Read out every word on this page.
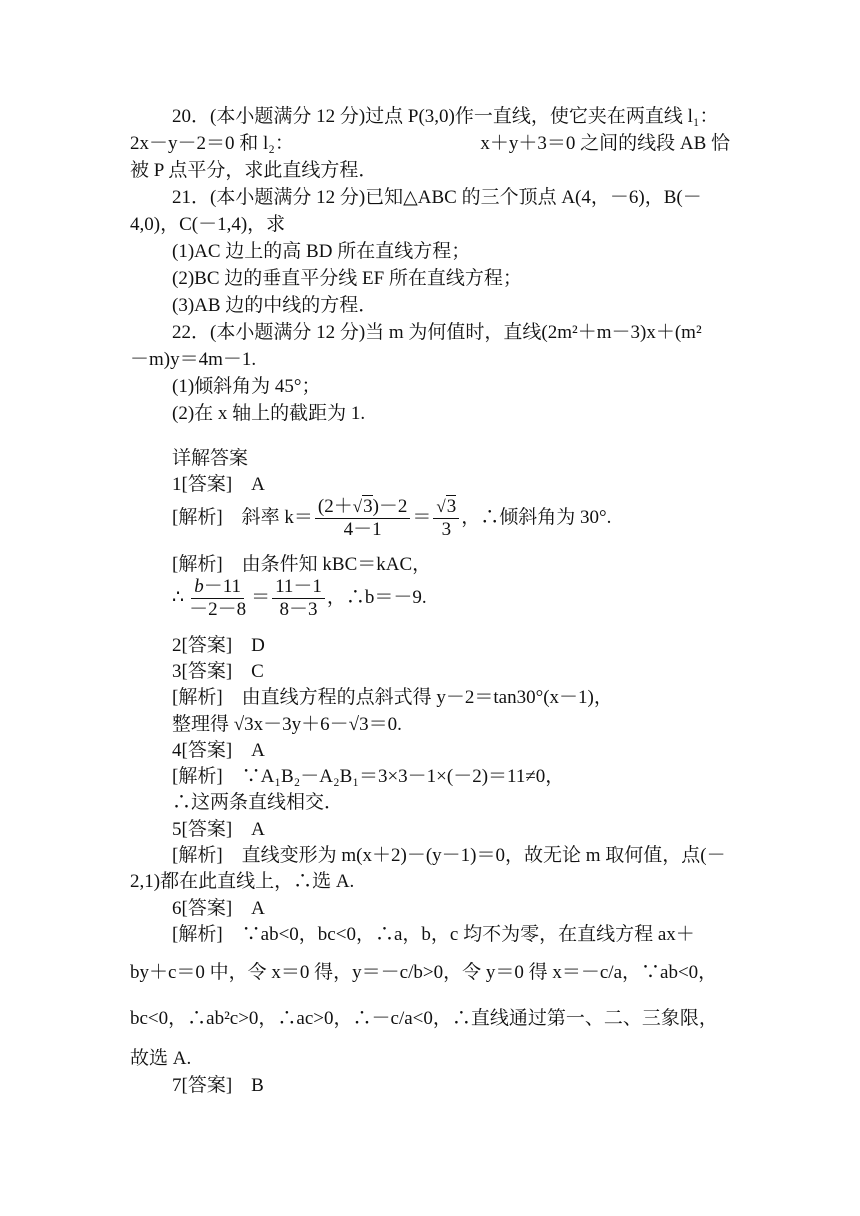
20．(本小题满分 12 分)过点 P(3,0)作一直线，使它夹在两直线 l₁：
2x－y－2＝0 和 l₂：	x＋y＋3＝0 之间的线段 AB 恰
被 P 点平分，求此直线方程．
21．(本小题满分 12 分)已知△ABC 的三个顶点 A(4，－6)，B(－
4,0)，C(－1,4)，求
(1)AC 边上的高 BD 所在直线方程；
(2)BC 边的垂直平分线 EF 所在直线方程；
(3)AB 边的中线的方程．
22．(本小题满分 12 分)当 m 为何值时，直线(2m²＋m－3)x＋(m²
－m)y＝4m－1.
(1)倾斜角为 45°；
(2)在 x 轴上的截距为 1.
详解答案
1[答案]　A
[解析]　斜率 $k= \frac{(2+√3)-2}{4-1} = \frac{√3}{3}$ ，∴倾斜角为 30°.
[解析]　由条件知 kBC＝kAC，
∴ $\frac{b-11}{-2-8} = \frac{11-1}{8-3}$ ，∴b＝－9.
2[答案]　D
3[答案]　C
[解析]　由直线方程的点斜式得 y－2＝tan30°(x－1)，
整理得 √3x－3y＋6－√3＝0.
4[答案]　A
[解析]　∵A₁B₂－A₂B₁＝3×3－1×(－2)＝11≠0，
∴这两条直线相交．
5[答案]　A
[解析]　直线变形为 m(x＋2)－(y－1)＝0，故无论 m 取何值，点(－
2,1)都在此直线上，∴选 A.
6[答案]　A
[解析]　∵ab<0，bc<0，∴a，b，c 均不为零，在直线方程 ax＋
by＋c＝0 中，令 x＝0 得，y＝－c/b>0，令 y＝0 得 x＝－c/a，∵ab<0，
bc<0，∴ab²c>0，∴ac>0，∴－c/a<0，∴直线通过第一、二、三象限，
故选 A.
7[答案]　B
